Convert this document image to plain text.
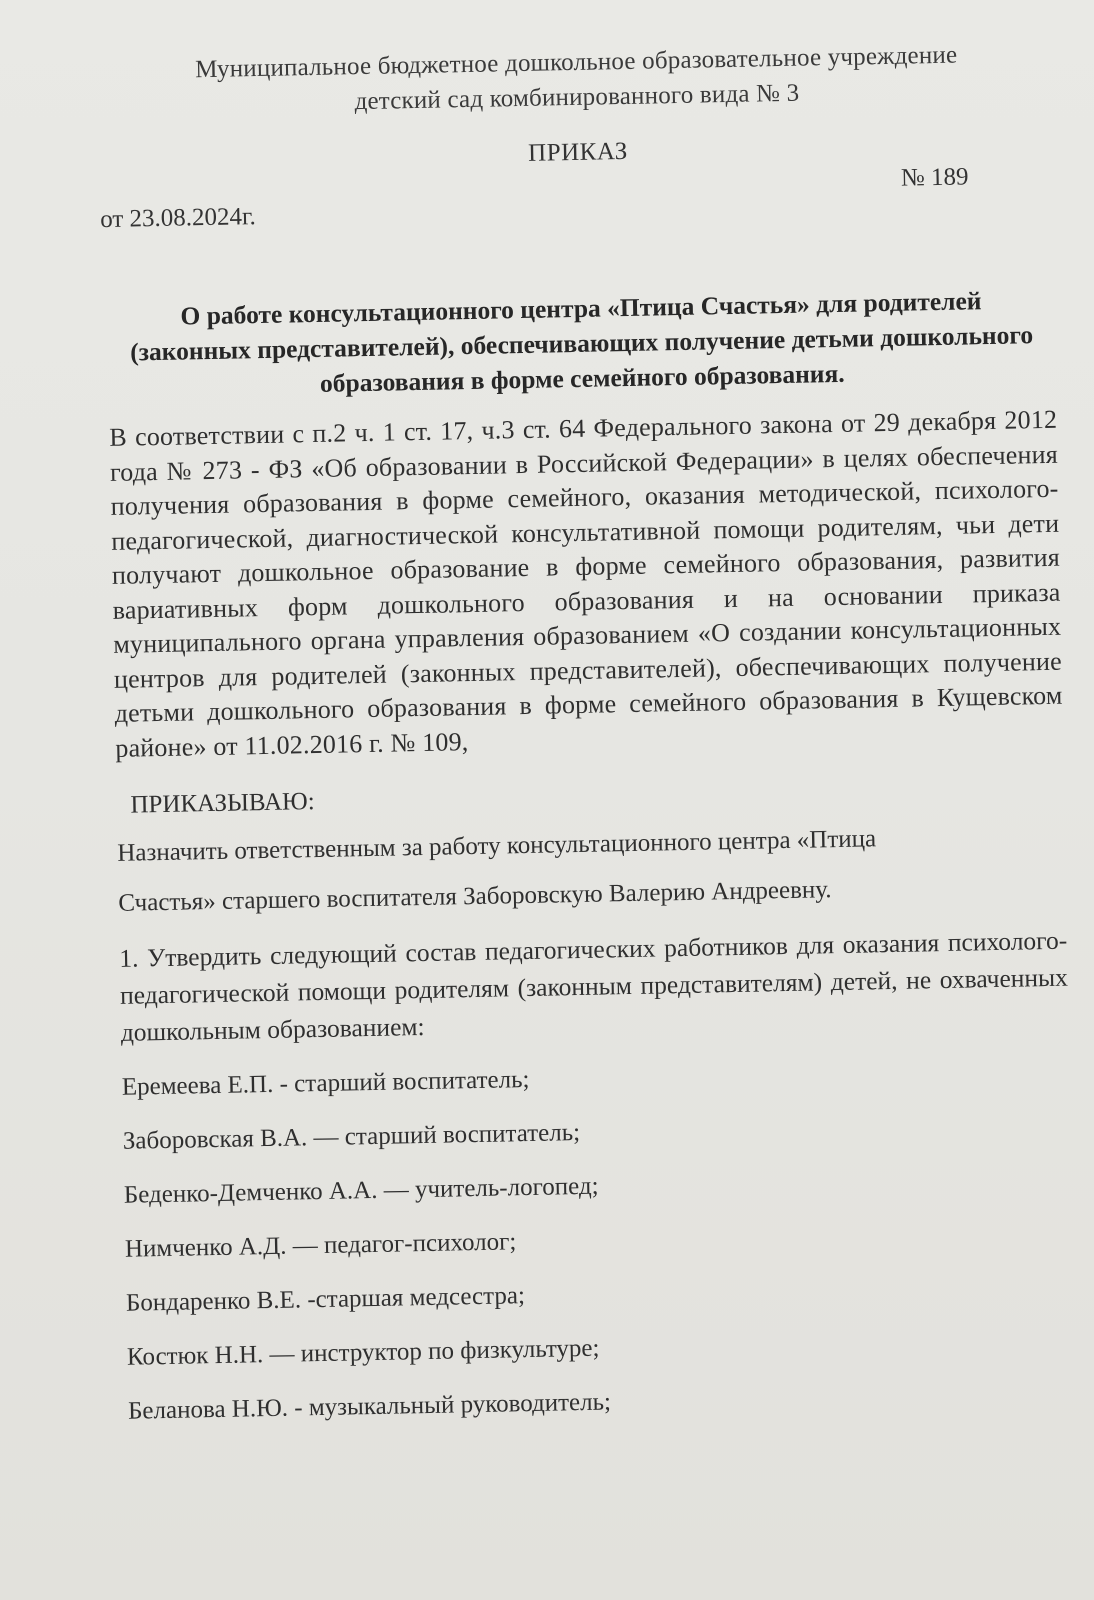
Муниципальное бюджетное дошкольное образовательное учреждение
детский сад комбинированного вида № 3
ПРИКАЗ
от 23.08.2024г.
№ 189
О работе консультационного центра «Птица Счастья» для родителей (законных представителей), обеспечивающих получение детьми дошкольного образования в форме семейного образования.
В соответствии с п.2 ч. 1 ст. 17, ч.3 ст. 64 Федерального закона от 29 декабря 2012 года № 273 - ФЗ «Об образовании в Российской Федерации» в целях обеспечения получения образования в форме семейного, оказания методической, психолого-педагогической, диагностической консультативной помощи родителям, чьи дети получают дошкольное образование в форме семейного образования, развития вариативных форм дошкольного образования и на основании приказа муниципального органа управления образованием «О создании консультационных центров для родителей (законных представителей), обеспечивающих получение детьми дошкольного образования в форме семейного образования в Кущевском районе» от 11.02.2016 г. № 109,
ПРИКАЗЫВАЮ:
Назначить ответственным за работу консультационного центра «Птица
Счастья» старшего воспитателя Заборовскую Валерию Андреевну.
1. Утвердить следующий состав педагогических работников для оказания психолого-педагогической помощи родителям (законным представителям) детей, не охваченных дошкольным образованием:
Еремеева Е.П. - старший воспитатель;
Заборовская В.А. — старший воспитатель;
Беденко-Демченко А.А. — учитель-логопед;
Нимченко А.Д. — педагог-психолог;
Бондаренко В.Е. -старшая медсестра;
Костюк Н.Н. — инструктор по физкультуре;
Беланова Н.Ю. - музыкальный руководитель;
